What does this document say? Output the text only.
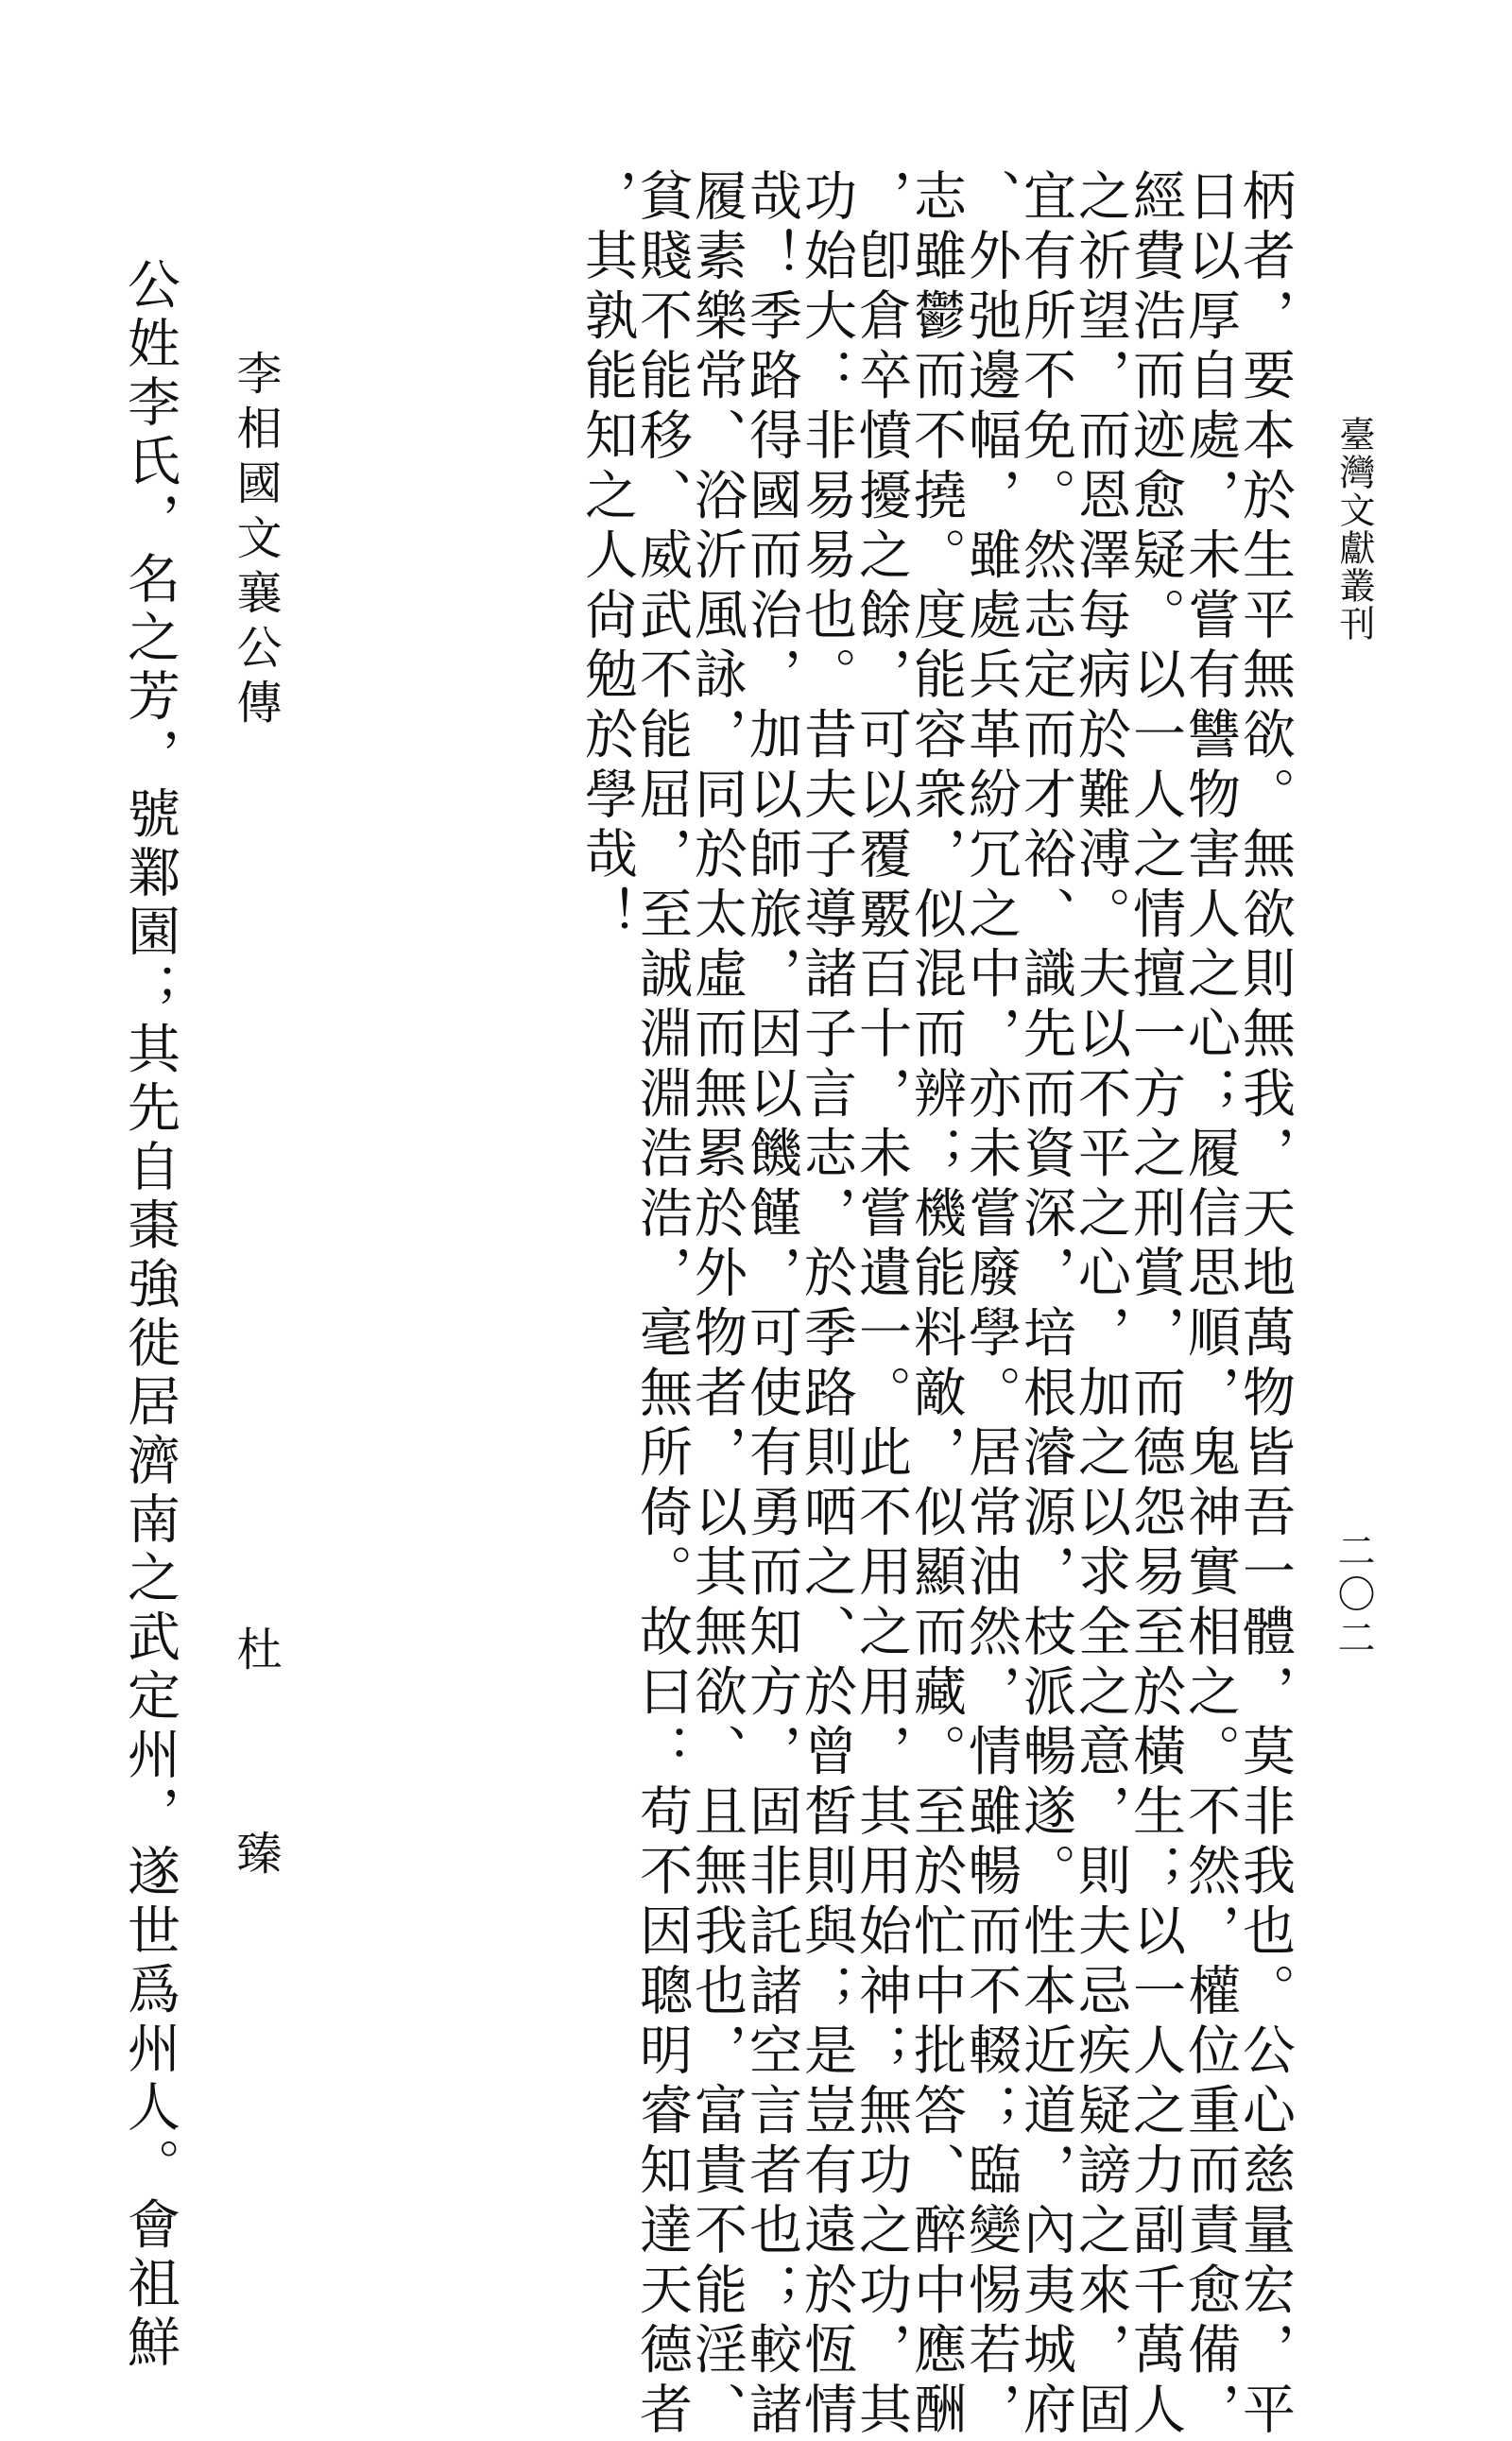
臺灣文獻叢刊
二〇二
柄者，要本於生平無欲。無欲則無我，天地萬物皆吾一體，莫非我也。公心慈量宏，平
日以厚自處，未嘗有讐物害人之心；履信思順，鬼神實相之。不然，權位重而責愈備，
經費浩而迹愈疑。以一人之情擅一方之刑賞，而德怨易至於橫生；以一人之力副千萬人
之祈望，而恩澤每病於難溥。夫以不平之心，加之以求全之意，則夫忌疾疑謗之來，固
宜有所不免。然志定而才裕、識先而資深，培根濬源，枝派暢遂。性本近道，內夷城府
、外弛邊幅，雖處兵革紛冗之中，亦未嘗廢學。居常油然，情雖暢而不輟；臨變惕若，
志雖鬱而不撓。度能容衆，似混而辨；機能料敵，似顯而藏。至於忙中批答、醉中應酬
，卽倉卒憤擾之餘，可以覆覈百十，未嘗遺一。此不用之用，其用始神；無功之功，其
功始大：非易易也。昔夫子導諸子言志，於季路則哂之、於曾皙則與；是豈有遠於恆情
哉！季路得國而治，加以師旅，因以饑饉，可使有勇而知方，固非託諸空言者也；較諸
履素樂常、浴沂風詠，同於太虛而無累於外物者，以其無欲、且無我也，富貴不能淫、
貧賤不能移、威武不能屈，至誠淵淵浩浩，毫無所倚。故曰：苟不因聰明睿知達天德者
，其孰能知之人尙勉於學哉！
李相國文襄公傳
杜　臻
公姓李氏，名之芳，號鄴園；其先自棗強徙居濟南之武定州，遂世爲州人。會祖鮮
